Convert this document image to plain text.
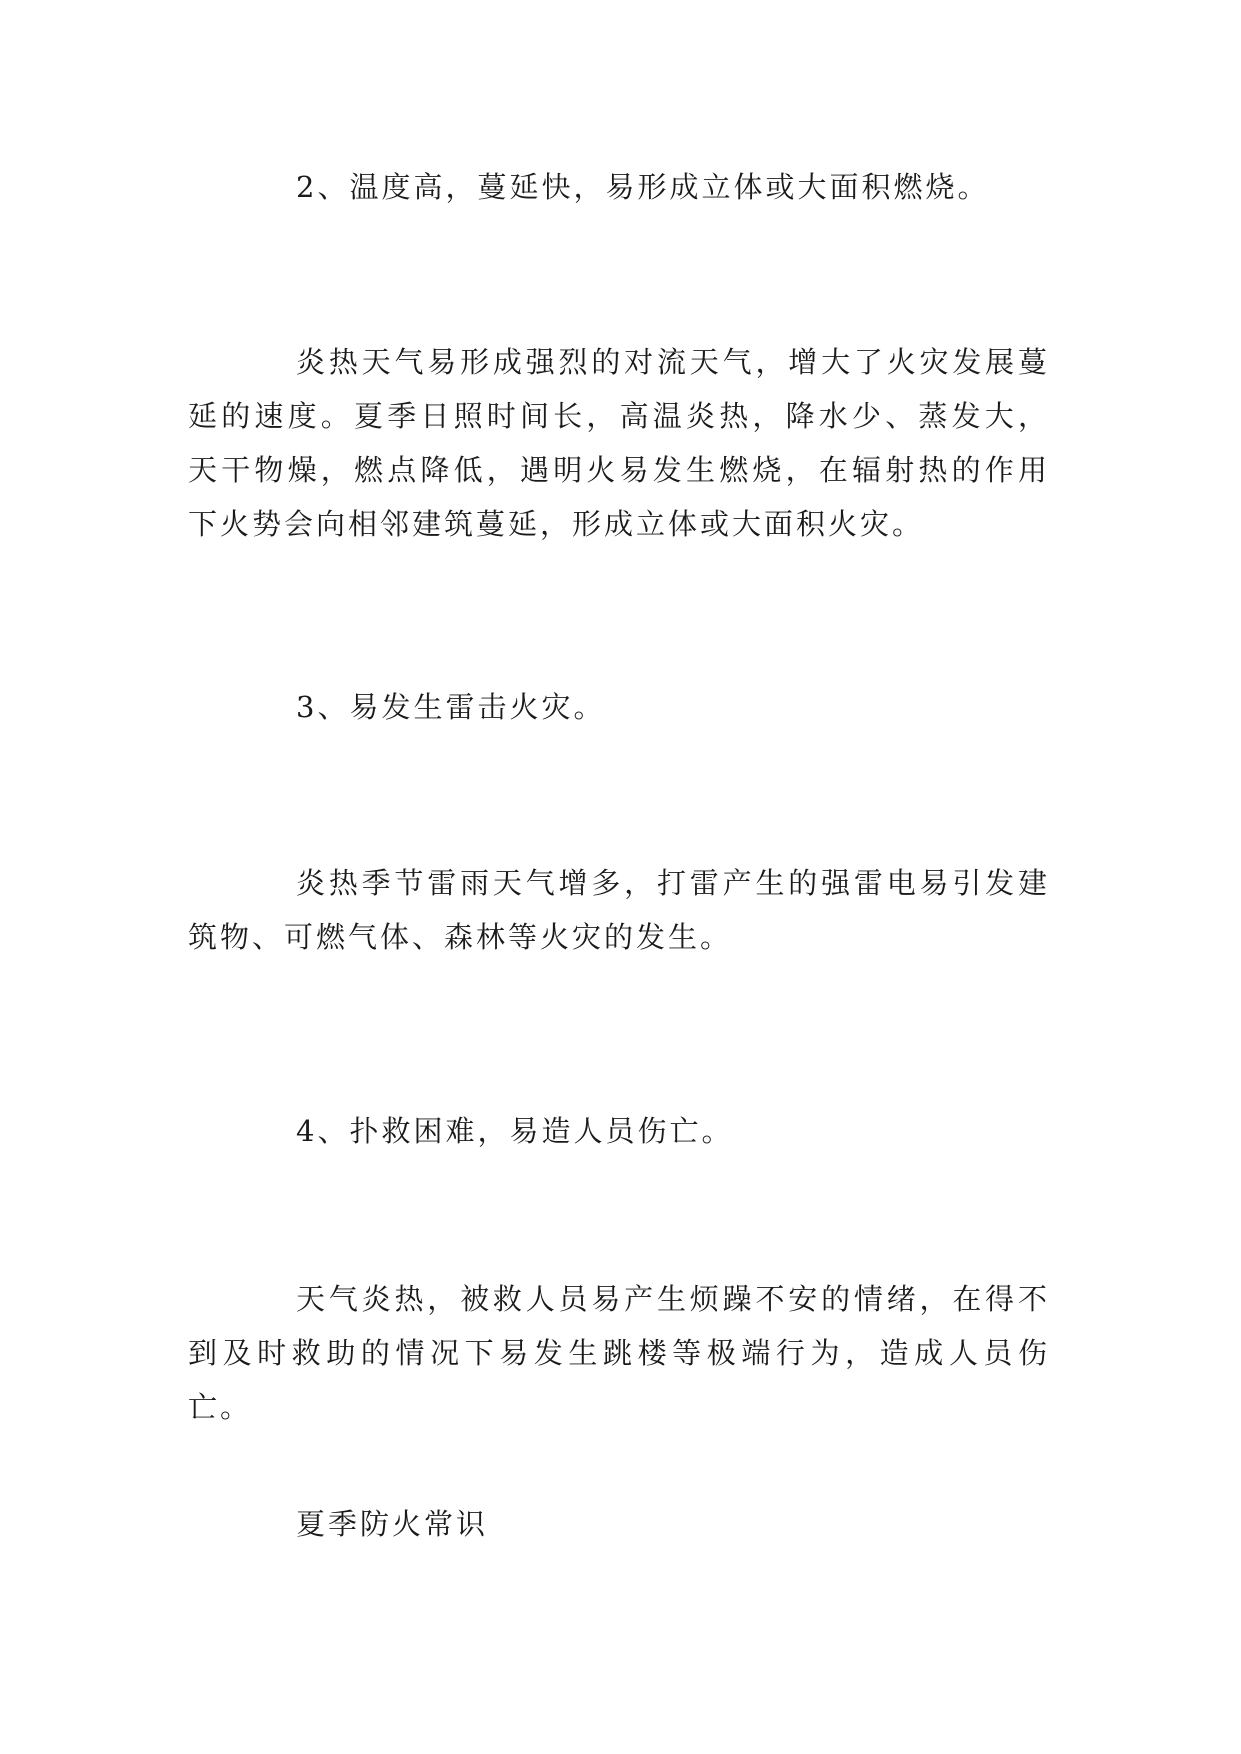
2、温度高，蔓延快，易形成立体或大面积燃烧。

炎热天气易形成强烈的对流天气，增大了火灾发展蔓延的速度。夏季日照时间长，高温炎热，降水少、蒸发大，天干物燥，燃点降低，遇明火易发生燃烧，在辐射热的作用下火势会向相邻建筑蔓延，形成立体或大面积火灾。

3、易发生雷击火灾。

炎热季节雷雨天气增多，打雷产生的强雷电易引发建筑物、可燃气体、森林等火灾的发生。

4、扑救困难，易造人员伤亡。

天气炎热，被救人员易产生烦躁不安的情绪，在得不到及时救助的情况下易发生跳楼等极端行为，造成人员伤亡。

夏季防火常识
